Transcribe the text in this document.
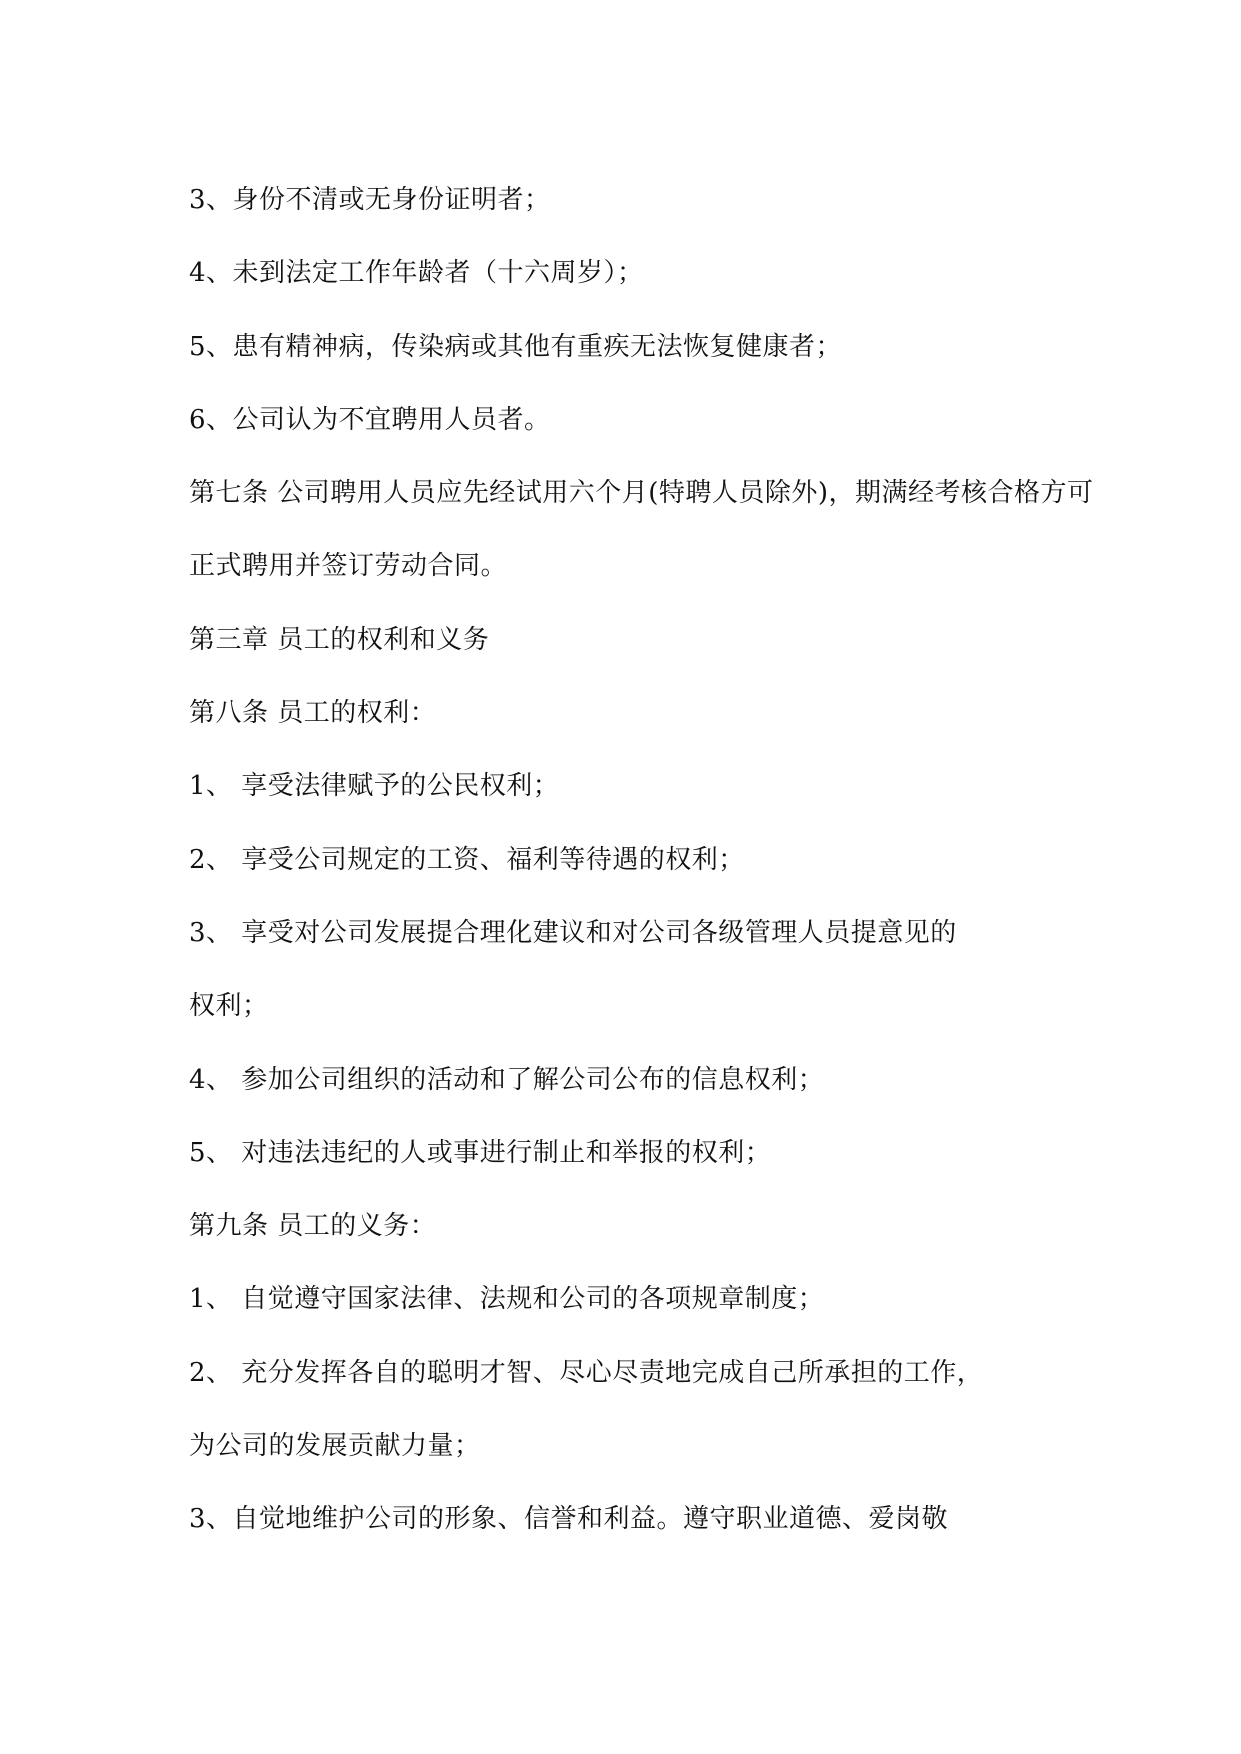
3、身份不清或无身份证明者；
4、未到法定工作年龄者（十六周岁）；
5、患有精神病，传染病或其他有重疾无法恢复健康者；
6、公司认为不宜聘用人员者。
第七条 公司聘用人员应先经试用六个月(特聘人员除外)，期满经考核合格方可
正式聘用并签订劳动合同。
第三章 员工的权利和义务
第八条 员工的权利：
1、 享受法律赋予的公民权利；
2、 享受公司规定的工资、福利等待遇的权利；
3、 享受对公司发展提合理化建议和对公司各级管理人员提意见的
权利；
4、 参加公司组织的活动和了解公司公布的信息权利；
5、 对违法违纪的人或事进行制止和举报的权利；
第九条 员工的义务：
1、 自觉遵守国家法律、法规和公司的各项规章制度；
2、 充分发挥各自的聪明才智、尽心尽责地完成自己所承担的工作，
为公司的发展贡献力量；
3、自觉地维护公司的形象、信誉和利益。遵守职业道德、爱岗敬
